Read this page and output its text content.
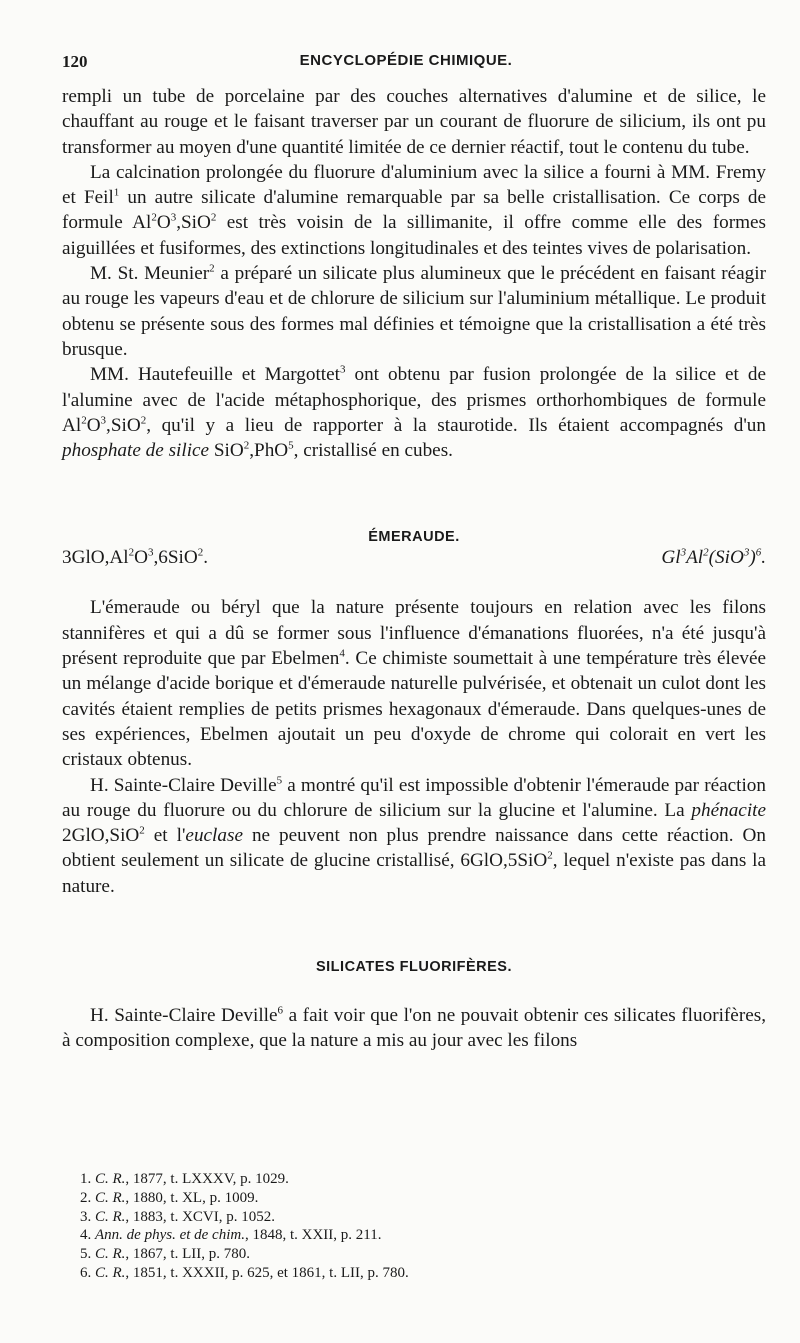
120	ENCYCLOPÉDIE CHIMIQUE.

rempli un tube de porcelaine par des couches alternatives d'alumine et de silice, le chauffant au rouge et le faisant traverser par un courant de fluorure de silicium, ils ont pu transformer au moyen d'une quantité limitée de ce dernier réactif, tout le contenu du tube.

La calcination prolongée du fluorure d'aluminium avec la silice a fourni à MM. Fremy et Feil$^1$ un autre silicate d'alumine remarquable par sa belle cristallisation. Ce corps de formule $Al^2O^3,SiO^2$ est très voisin de la sillimanite, il offre comme elle des formes aiguillées et fusiformes, des extinctions longitudinales et des teintes vives de polarisation.

M. St. Meunier$^2$ a préparé un silicate plus alumineux que le précédent en faisant réagir au rouge les vapeurs d'eau et de chlorure de silicium sur l'aluminium métallique. Le produit obtenu se présente sous des formes mal définies et témoigne que la cristallisation a été très brusque.

MM. Hautefeuille et Margottet$^3$ ont obtenu par fusion prolongée de la silice et de l'alumine avec de l'acide métaphosphorique, des prismes orthorhombiques de formule $Al^2O^3,SiO^2$, qu'il y a lieu de rapporter à la staurotide. Ils étaient accompagnés d'un phosphate de silice SiO$^2$,PhO$^5$, cristallisé en cubes.

ÉMERAUDE.
$3GlO,Al^2O^3,6SiO^2$.	$Gl^3Al^2(SiO^3)^6$.

L'émeraude ou béryl que la nature présente toujours en relation avec les filons stannifères et qui a dû se former sous l'influence d'émanations fluorées, n'a été jusqu'à présent reproduite que par Ebelmen$^4$. Ce chimiste soumettait à une température très élevée un mélange d'acide borique et d'émeraude naturelle pulvérisée, et obtenait un culot dont les cavités étaient remplies de petits prismes hexagonaux d'émeraude. Dans quelques-unes de ses expériences, Ebelmen ajoutait un peu d'oxyde de chrome qui colorait en vert les cristaux obtenus.

H. Sainte-Claire Deville$^5$ a montré qu'il est impossible d'obtenir l'émeraude par réaction au rouge du fluorure ou du chlorure de silicium sur la glucine et l'alumine. La phénacite 2GlO,SiO$^2$ et l'euclase ne peuvent non plus prendre naissance dans cette réaction. On obtient seulement un silicate de glucine cristallisé, 6GlO,5SiO$^2$, lequel n'existe pas dans la nature.

SILICATES FLUORIFÈRES.

H. Sainte-Claire Deville$^6$ a fait voir que l'on ne pouvait obtenir ces silicates fluorifères, à composition complexe, que la nature a mis au jour avec les filons

1. C. R., 1877, t. LXXXV, p. 1029.
2. C. R., 1880, t. XL, p. 1009.
3. C. R., 1883, t. XCVI, p. 1052.
4. Ann. de phys. et de chim., 1848, t. XXII, p. 211.
5. C. R., 1867, t. LII, p. 780.
6. C. R., 1851, t. XXXII, p. 625, et 1861, t. LII, p. 780.
